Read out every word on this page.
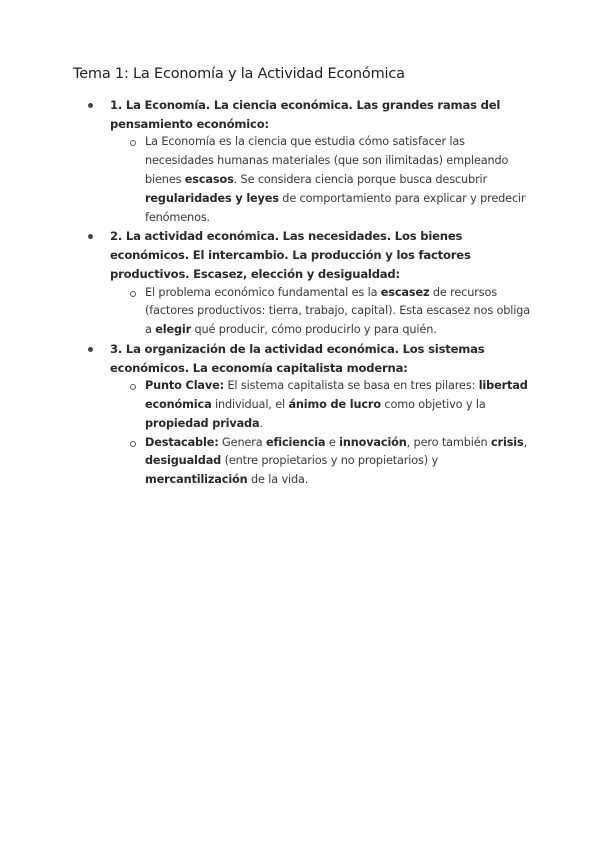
Tema 1: La Economía y la Actividad Económica
1. La Economía. La ciencia económica. Las grandes ramas del pensamiento económico:
La Economía es la ciencia que estudia cómo satisfacer las necesidades humanas materiales (que son ilimitadas) empleando bienes escasos. Se considera ciencia porque busca descubrir regularidades y leyes de comportamiento para explicar y predecir fenómenos.
2. La actividad económica. Las necesidades. Los bienes económicos. El intercambio. La producción y los factores productivos. Escasez, elección y desigualdad:
El problema económico fundamental es la escasez de recursos (factores productivos: tierra, trabajo, capital). Esta escasez nos obliga a elegir qué producir, cómo producirlo y para quién.
3. La organización de la actividad económica. Los sistemas económicos. La economía capitalista moderna:
Punto Clave: El sistema capitalista se basa en tres pilares: libertad económica individual, el ánimo de lucro como objetivo y la propiedad privada.
Destacable: Genera eficiencia e innovación, pero también crisis, desigualdad (entre propietarios y no propietarios) y mercantilización de la vida.
